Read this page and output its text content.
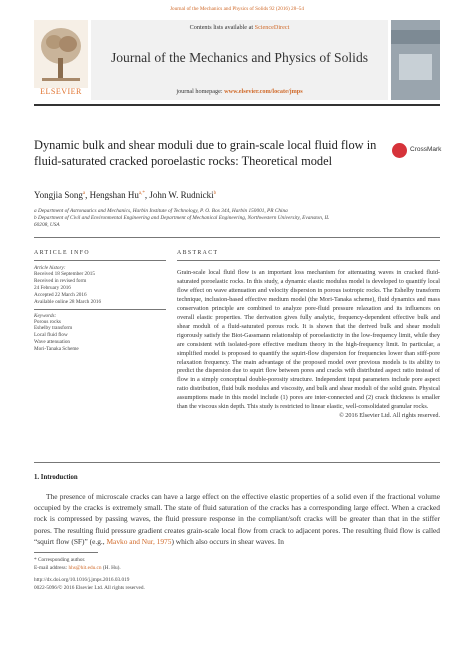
Journal of the Mechanics and Physics of Solids 92 (2016) 28–54
ELSEVIER
Contents lists available at ScienceDirect
Journal of the Mechanics and Physics of Solids
journal homepage: www.elsevier.com/locate/jmps
Dynamic bulk and shear moduli due to grain-scale local fluid flow in fluid-saturated cracked poroelastic rocks: Theoretical model
CrossMark
Yongjia Song$^a$, Hengshan $Hu^{a,*}$, John W. Rudnicki$^b$
a Department of Astronautics and Mechanics, Harbin Institute of Technology, P. O. Box 344, Harbin 150001, PR China
b Department of Civil and Environmental Engineering and Department of Mechanical Engineering, Northwestern University, Evanston, IL
60208, USA
ARTICLE INFO	ABSTRACT
Article history:
Received 18 September 2015
Received in revised form
24 February 2016
Accepted 22 March 2016
Available online 28 March 2016
Keywords:
Porous rocks
Eshelby transform
Local fluid flow
Wave attenuation
Mori-Tanaka Scheme
Grain-scale local fluid flow is an important loss mechanism for attenuating waves in cracked fluid-saturated poroelastic rocks. In this study, a dynamic elastic modulus model is developed to quantify local flow effect on wave attenuation and velocity dispersion in porous isotropic rocks. The Eshelby transform technique, inclusion-based effective medium model (the Mori-Tanaka scheme), fluid dynamics and mass conservation principle are combined to analyze pore-fluid pressure relaxation and its influences on overall elastic properties. The derivation gives fully analytic, frequency-dependent effective bulk and shear moduli of a fluid-saturated porous rock. It is shown that the derived bulk and shear moduli rigorously satisfy the Biot-Gassmann relationship of poroelasticity in the low-frequency limit, while they are consistent with isolated-pore effective medium theory in the high-frequency limit. In particular, a simplified model is proposed to quantify the squirt-flow dispersion for frequencies lower than stiff-pore relaxation frequency. The main advantage of the proposed model over previous models is its ability to predict the dispersion due to squirt flow between pores and cracks with distributed aspect ratio instead of flow in a simply conceptual double-porosity structure. Independent input parameters include pore aspect ratio distribution, fluid bulk modulus and viscosity, and bulk and shear moduli of the solid grain. Physical assumptions made in this model include (1) pores are inter-connected and (2) crack thickness is smaller than the viscous skin depth. This study is restricted to linear elastic, well-consolidated granular rocks.
© 2016 Elsevier Ltd. All rights reserved.
1. Introduction

The presence of microscale cracks can have a large effect on the effective elastic properties of a solid even if the fractional volume occupied by the cracks is extremely small. The state of fluid saturation of the cracks has a corresponding large effect. When a cracked rock is compressed by passing waves, the fluid pressure response in the compliant/soft cracks will be greater than that in the stiffer pores. The resulting fluid pressure gradient creates grain-scale local flow from crack to adjacent pores. The resulting fluid flow is called “squirt flow (SF)” (e.g., Mavko and Nur, 1975) which also occurs in shear waves. In

* Corresponding author.
E-mail address: hhs@hit.edu.cn (H. Hu).
http://dx.doi.org/10.1016/j.jmps.2016.03.019
0022-5096/© 2016 Elsevier Ltd. All rights reserved.
